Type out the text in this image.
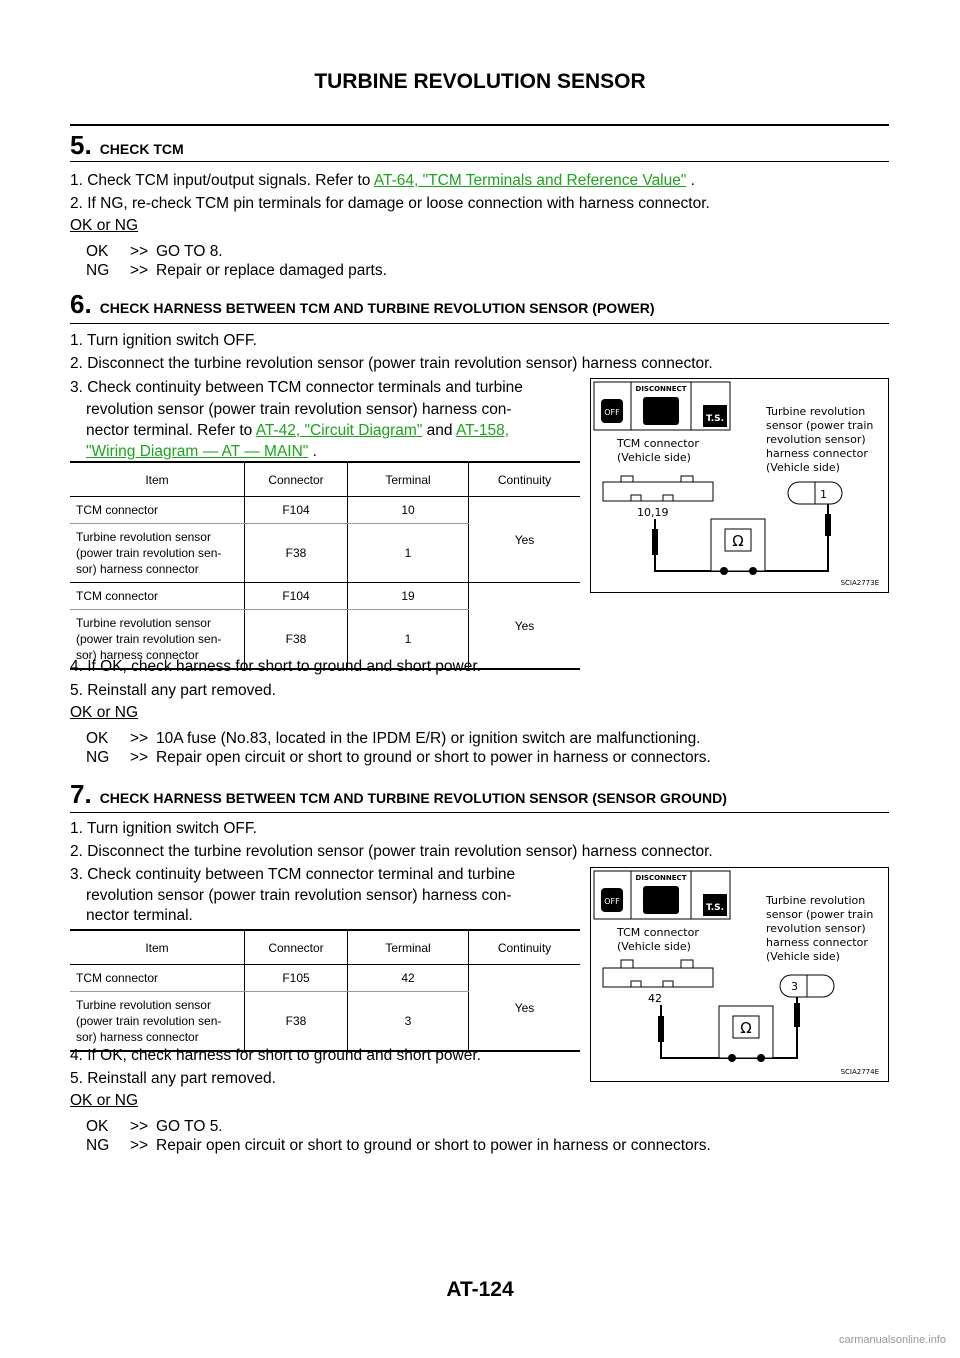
TURBINE REVOLUTION SENSOR
5. CHECK TCM
1. Check TCM input/output signals. Refer to AT-64, "TCM Terminals and Reference Value" .
2. If NG, re-check TCM pin terminals for damage or loose connection with harness connector.
OK or NG
OK >> GO TO 8.
NG >> Repair or replace damaged parts.
6. CHECK HARNESS BETWEEN TCM AND TURBINE REVOLUTION SENSOR (POWER)
1. Turn ignition switch OFF.
2. Disconnect the turbine revolution sensor (power train revolution sensor) harness connector.
3. Check continuity between TCM connector terminals and turbine
revolution sensor (power train revolution sensor) harness con-
nector terminal. Refer to AT-42, "Circuit Diagram" and AT-158,
"Wiring Diagram — AT — MAIN" .
Item	Connector	Terminal	Continuity
TCM connector	F104	10	Yes
Turbine revolution sensor
(power train revolution sen-
sor) harness connector	F38	1	
TCM connector	F104	19	Yes
Turbine revolution sensor
(power train revolution sen-
sor) harness connector	F38	1	
OFF
DISCONNECT
T.S.
TCM connector
(Vehicle side)
Turbine revolution
sensor (power train
revolution sensor)
harness connector
(Vehicle side)
10,19
1
Ω
SCIA2773E
4. If OK, check harness for short to ground and short power.
5. Reinstall any part removed.
OK or NG
OK >> 10A fuse (No.83, located in the IPDM E/R) or ignition switch are malfunctioning.
NG >> Repair open circuit or short to ground or short to power in harness or connectors.
7. CHECK HARNESS BETWEEN TCM AND TURBINE REVOLUTION SENSOR (SENSOR GROUND)
1. Turn ignition switch OFF.
2. Disconnect the turbine revolution sensor (power train revolution sensor) harness connector.
3. Check continuity between TCM connector terminal and turbine
revolution sensor (power train revolution sensor) harness con-
nector terminal.
Item	Connector	Terminal	Continuity
TCM connector	F105	42	Yes
Turbine revolution sensor
(power train revolution sen-
sor) harness connector	F38	3	
OFF
DISCONNECT
T.S.
TCM connector
(Vehicle side)
Turbine revolution
sensor (power train
revolution sensor)
harness connector
(Vehicle side)
42
3
Ω
SCIA2774E
4. If OK, check harness for short to ground and short power.
5. Reinstall any part removed.
OK or NG
OK >> GO TO 5.
NG >> Repair open circuit or short to ground or short to power in harness or connectors.
AT-124
carmanualsonline.info
